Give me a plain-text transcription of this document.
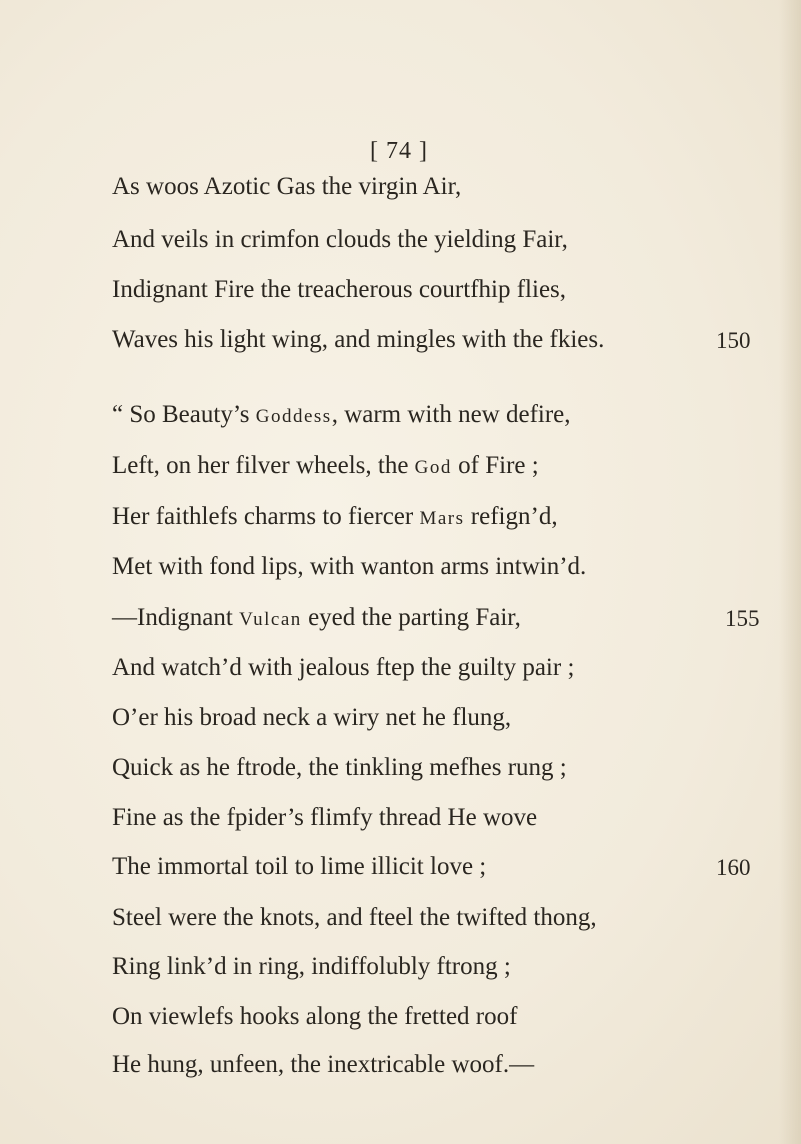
[ 74 ]
As woos Azotic Gas the virgin Air,
And veils in crimfon clouds the yielding Fair,
Indignant Fire the treacherous courtfhip flies,
Waves his light wing, and mingles with the fkies.	150
“ So Beauty’s Goddess, warm with new defire,
Left, on her filver wheels, the God of Fire ;
Her faithlefs charms to fiercer Mars refign’d,
Met with fond lips, with wanton arms intwin’d.
—Indignant Vulcan eyed the parting Fair,	155
And watch’d with jealous ftep the guilty pair ;
O’er his broad neck a wiry net he flung,
Quick as he ftrode, the tinkling mefhes rung ;
Fine as the fpider’s flimfy thread He wove
The immortal toil to lime illicit love ;	160
Steel were the knots, and fteel the twifted thong,
Ring link’d in ring, indiffolubly ftrong ;
On viewlefs hooks along the fretted roof
He hung, unfeen, the inextricable woof.—
